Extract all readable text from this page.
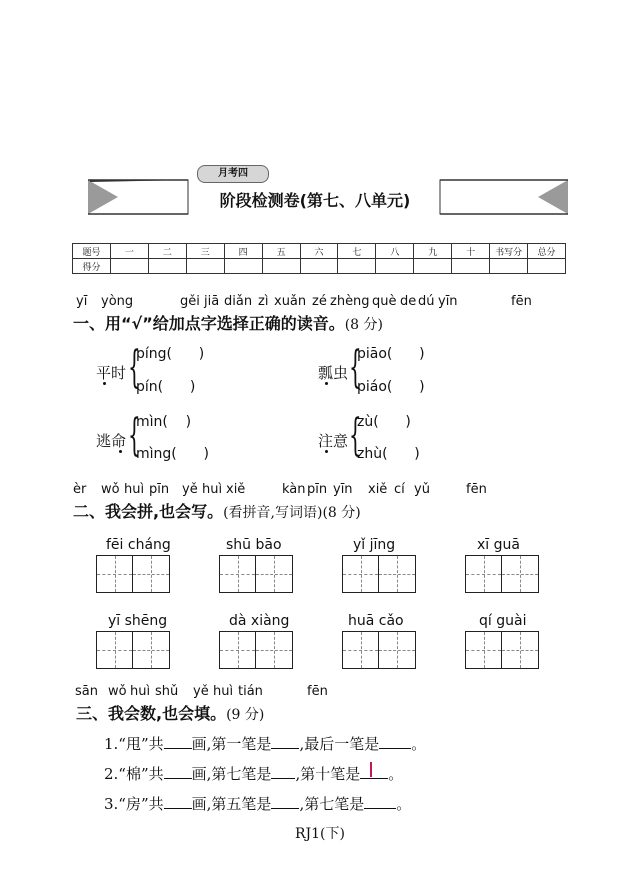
月考四
阶段检测卷(第七、八单元)
题号	一	二	三	四	五	六	七	八	九	十	书写分	总分
得分												
yī yòng	gěi jiā diǎn zì xuǎn zé zhèng què de dú yīn	fēn
一、用“√”给加点字选择正确的读音。(8 分)
平时 {
píng(      )
pín(      )
瓢虫 {
piāo(      )
piáo(      )
逃命 {
mìn(    )
mìng(      )
注意 {
zù(      )
zhù(      )
èr wǒ huì pīn yě huì xiě	kàn pīn yīn xiě cí yǔ	fēn
二、我会拼,也会写。(看拼音,写词语)(8 分)
fēi cháng	shū bāo	yǐ jīng	xī guā
yī shēng	dà xiàng	huā cǎo	qí guài
sān wǒ huì shǔ yě huì tián	fēn
三、我会数,也会填。(9 分)
1.“甩”共 画,第一笔是 ,最后一笔是 。
2.“棉”共 画,第七笔是 ,第十笔是 。
3.“房”共 画,第五笔是 ,第七笔是 。
RJ1(下)
